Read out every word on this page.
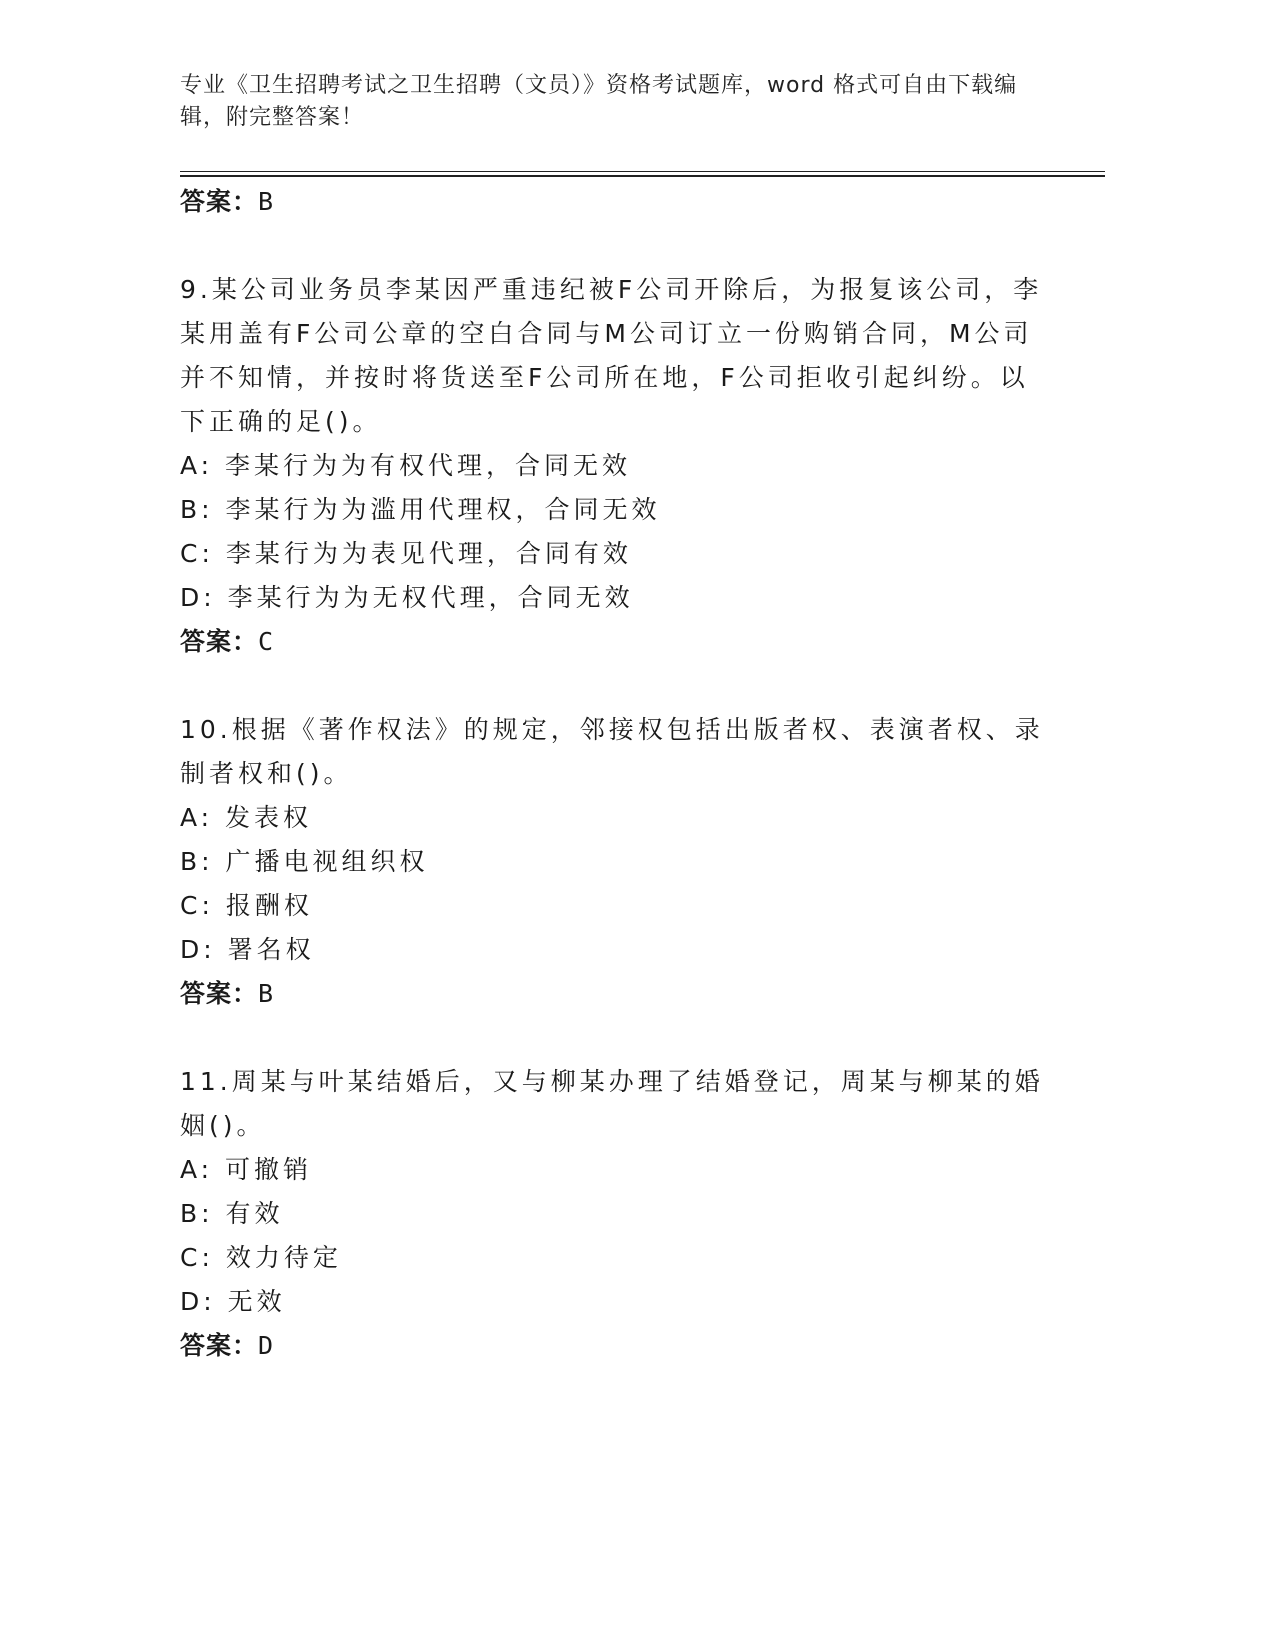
专业《卫生招聘考试之卫生招聘（文员）》资格考试题库，word 格式可自由下载编辑，附完整答案！
答案：B
9.某公司业务员李某因严重违纪被F公司开除后，为报复该公司，李某用盖有F公司公章的空白合同与M公司订立一份购销合同，M公司并不知情，并按时将货送至F公司所在地，F公司拒收引起纠纷。以下正确的足()。
A: 李某行为为有权代理，合同无效
B: 李某行为为滥用代理权，合同无效
C: 李某行为为表见代理，合同有效
D: 李某行为为无权代理，合同无效
答案：C
10.根据《著作权法》的规定，邻接权包括出版者权、表演者权、录制者权和()。
A: 发表权
B: 广播电视组织权
C: 报酬权
D: 署名权
答案：B
11.周某与叶某结婚后，又与柳某办理了结婚登记，周某与柳某的婚姻()。
A: 可撤销
B: 有效
C: 效力待定
D: 无效
答案：D
